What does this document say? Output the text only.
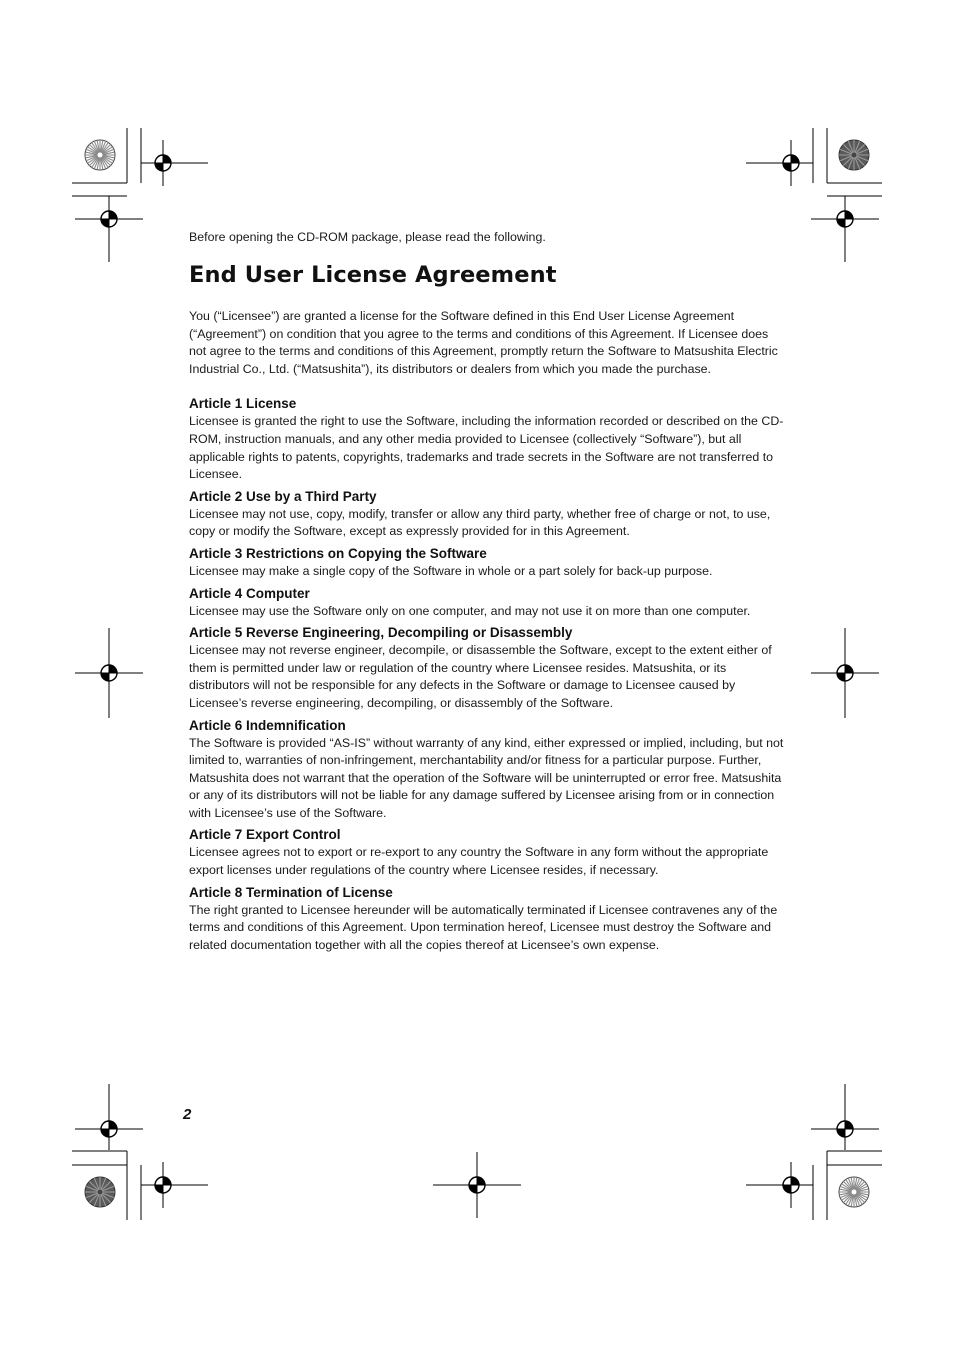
Before opening the CD-ROM package, please read the following.

End User License Agreement

You (“Licensee”) are granted a license for the Software defined in this End User License Agreement (“Agreement”) on condition that you agree to the terms and conditions of this Agreement. If Licensee does not agree to the terms and conditions of this Agreement, promptly return the Software to Matsushita Electric Industrial Co., Ltd. (“Matsushita”), its distributors or dealers from which you made the purchase.

Article 1 License

Licensee is granted the right to use the Software, including the information recorded or described on the CD-ROM, instruction manuals, and any other media provided to Licensee (collectively “Software”), but all applicable rights to patents, copyrights, trademarks and trade secrets in the Software are not transferred to Licensee.

Article 2 Use by a Third Party

Licensee may not use, copy, modify, transfer or allow any third party, whether free of charge or not, to use, copy or modify the Software, except as expressly provided for in this Agreement.

Article 3 Restrictions on Copying the Software

Licensee may make a single copy of the Software in whole or a part solely for back-up purpose.

Article 4 Computer

Licensee may use the Software only on one computer, and may not use it on more than one computer.

Article 5 Reverse Engineering, Decompiling or Disassembly

Licensee may not reverse engineer, decompile, or disassemble the Software, except to the extent either of them is permitted under law or regulation of the country where Licensee resides. Matsushita, or its distributors will not be responsible for any defects in the Software or damage to Licensee caused by Licensee’s reverse engineering, decompiling, or disassembly of the Software.

Article 6 Indemnification

The Software is provided “AS-IS” without warranty of any kind, either expressed or implied, including, but not limited to, warranties of non-infringement, merchantability and/or fitness for a particular purpose. Further, Matsushita does not warrant that the operation of the Software will be uninterrupted or error free. Matsushita or any of its distributors will not be liable for any damage suffered by Licensee arising from or in connection with Licensee’s use of the Software.

Article 7 Export Control

Licensee agrees not to export or re-export to any country the Software in any form without the appropriate export licenses under regulations of the country where Licensee resides, if necessary.

Article 8 Termination of License

The right granted to Licensee hereunder will be automatically terminated if Licensee contravenes any of the terms and conditions of this Agreement. Upon termination hereof, Licensee must destroy the Software and related documentation together with all the copies thereof at Licensee’s own expense.

2
